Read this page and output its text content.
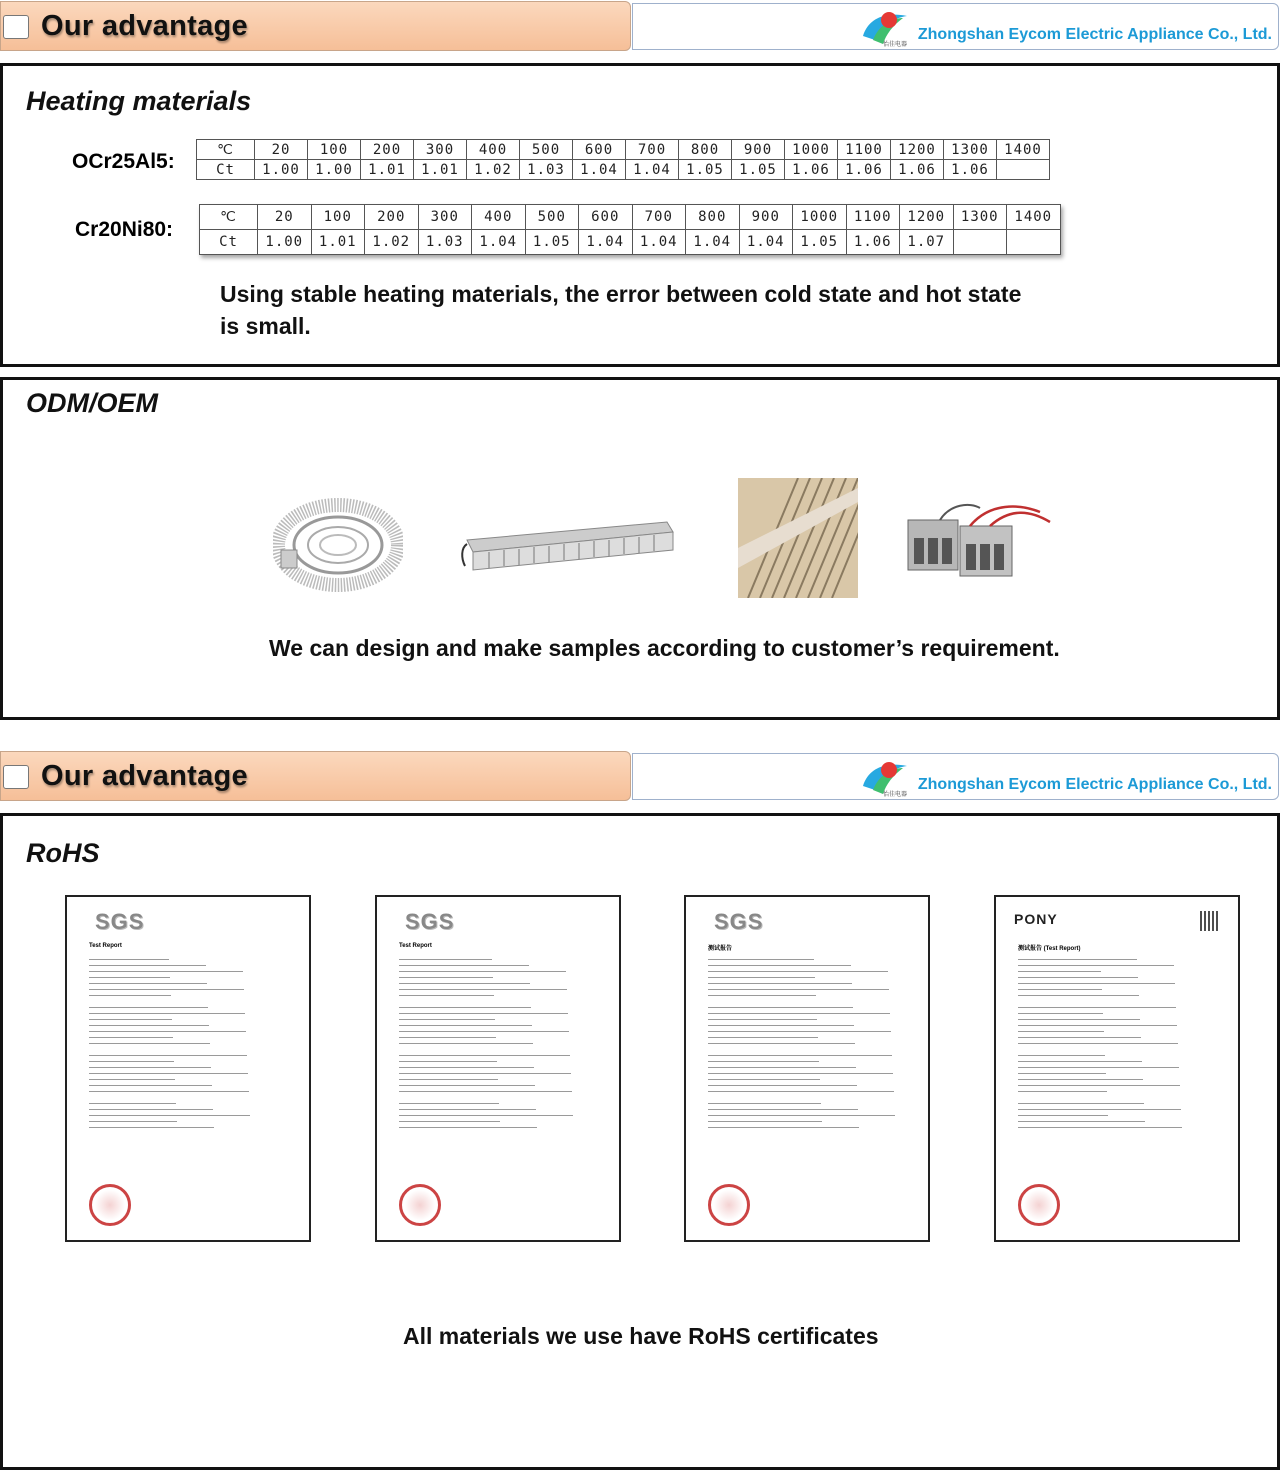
Our advantage
怡佳电器
Zhongshan Eycom Electric Appliance Co., Ltd.
Heating materials
OCr25Al5:
℃	20	100	200	300	400	500	600	700	800	900	1000	1100	1200	1300	1400
Ct	1.00	1.00	1.01	1.01	1.02	1.03	1.04	1.04	1.05	1.05	1.06	1.06	1.06	1.06	
Cr20Ni80:
℃	20	100	200	300	400	500	600	700	800	900	1000	1100	1200	1300	1400
Ct	1.00	1.01	1.02	1.03	1.04	1.05	1.04	1.04	1.04	1.04	1.05	1.06	1.07		
Using stable heating materials, the error between cold state and hot state
is small.
ODM/OEM
We can design and make samples according to customer’s requirement.
Our advantage
怡佳电器
Zhongshan Eycom Electric Appliance Co., Ltd.
RoHS
SGS
Test Report
SGS
Test Report
SGS
测试报告
PONY
测试报告 (Test Report)
All materials we use have RoHS certificates
